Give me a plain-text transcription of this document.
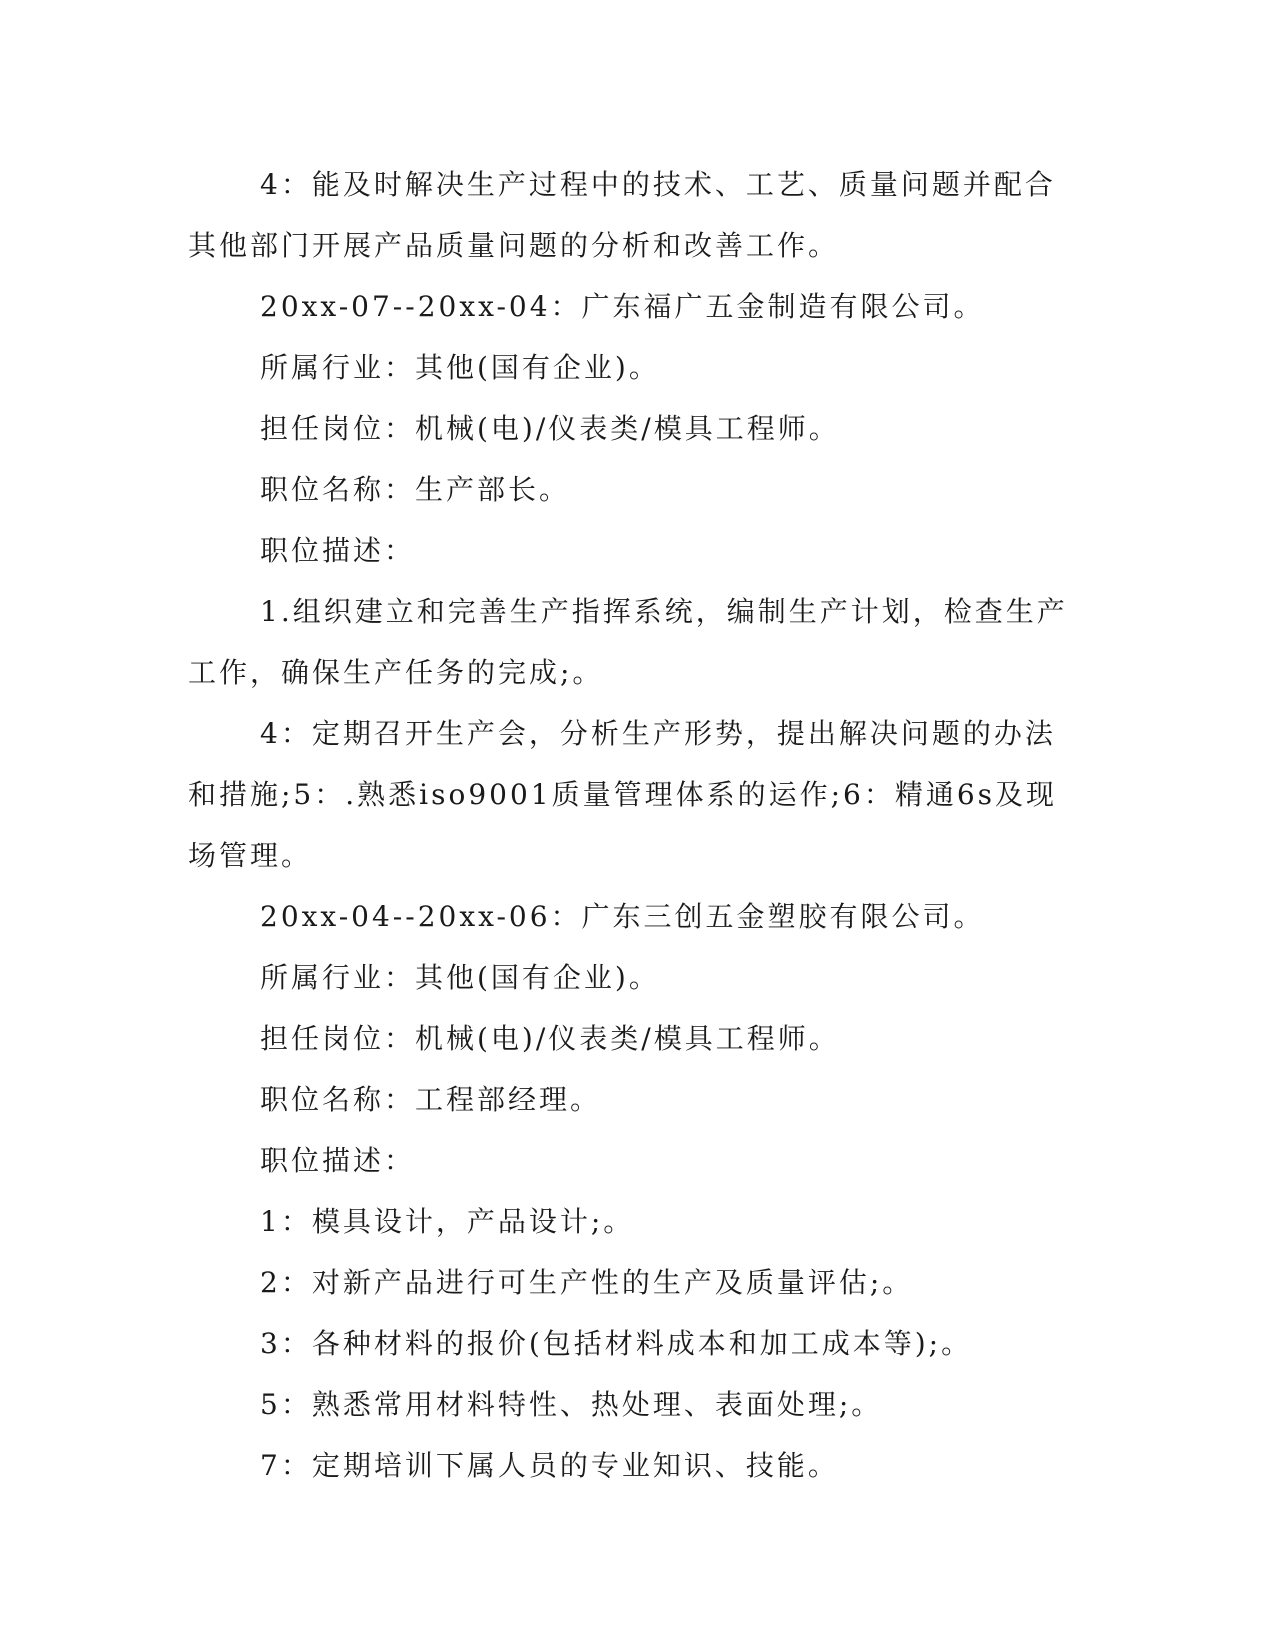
4：能及时解决生产过程中的技术、工艺、质量问题并配合其他部门开展产品质量问题的分析和改善工作。

20xx-07--20xx-04：广东福广五金制造有限公司。

所属行业：其他(国有企业)。

担任岗位：机械(电)/仪表类/模具工程师。

职位名称：生产部长。

职位描述：

1.组织建立和完善生产指挥系统，编制生产计划，检查生产工作，确保生产任务的完成;。

4：定期召开生产会，分析生产形势，提出解决问题的办法和措施;5：.熟悉iso9001质量管理体系的运作;6：精通6s及现场管理。

20xx-04--20xx-06：广东三创五金塑胶有限公司。

所属行业：其他(国有企业)。

担任岗位：机械(电)/仪表类/模具工程师。

职位名称：工程部经理。

职位描述：

1：模具设计，产品设计;。

2：对新产品进行可生产性的生产及质量评估;。

3：各种材料的报价(包括材料成本和加工成本等);。

5：熟悉常用材料特性、热处理、表面处理;。

7：定期培训下属人员的专业知识、技能。
